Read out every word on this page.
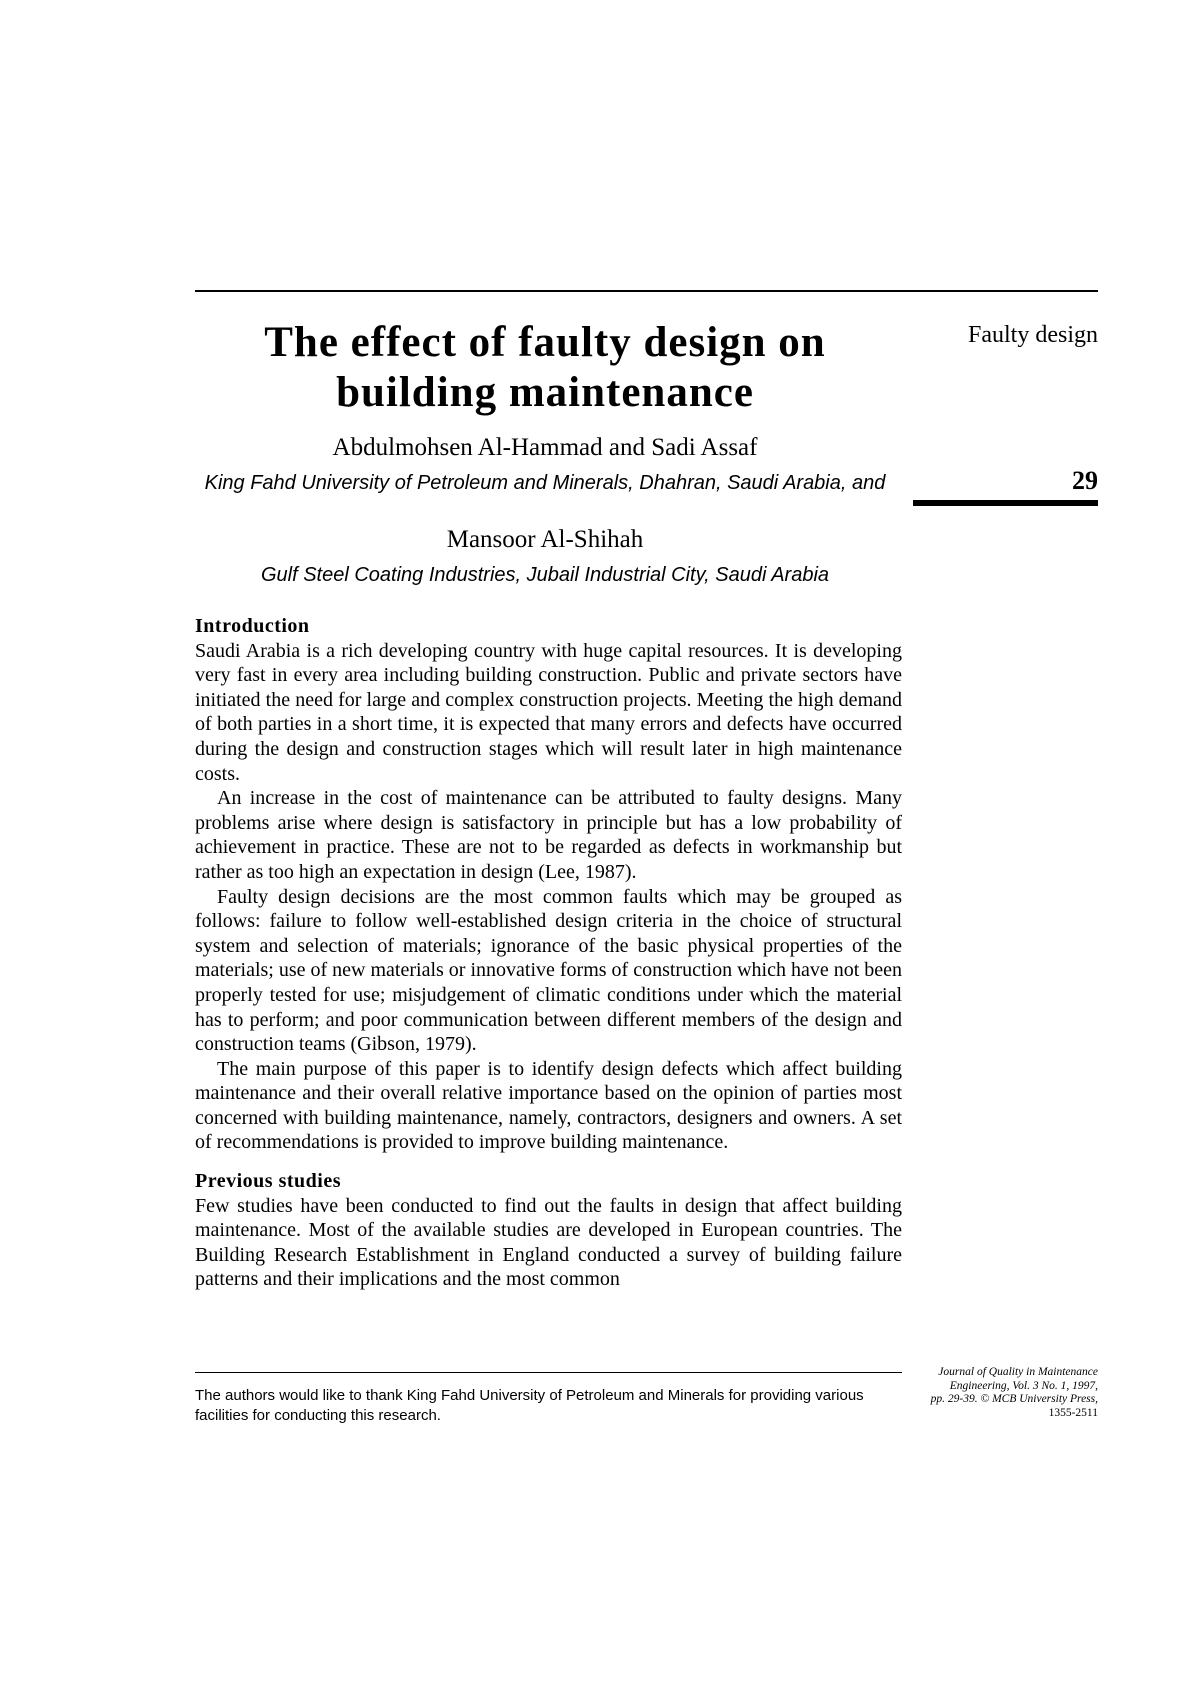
Faulty design
29
The effect of faulty design on building maintenance
Abdulmohsen Al-Hammad and Sadi Assaf
King Fahd University of Petroleum and Minerals, Dhahran, Saudi Arabia, and
Mansoor Al-Shihah
Gulf Steel Coating Industries, Jubail Industrial City, Saudi Arabia
Introduction

Saudi Arabia is a rich developing country with huge capital resources. It is developing very fast in every area including building construction. Public and private sectors have initiated the need for large and complex construction projects. Meeting the high demand of both parties in a short time, it is expected that many errors and defects have occurred during the design and construction stages which will result later in high maintenance costs.

An increase in the cost of maintenance can be attributed to faulty designs. Many problems arise where design is satisfactory in principle but has a low probability of achievement in practice. These are not to be regarded as defects in workmanship but rather as too high an expectation in design (Lee, 1987).

Faulty design decisions are the most common faults which may be grouped as follows: failure to follow well-established design criteria in the choice of structural system and selection of materials; ignorance of the basic physical properties of the materials; use of new materials or innovative forms of construction which have not been properly tested for use; misjudgement of climatic conditions under which the material has to perform; and poor communication between different members of the design and construction teams (Gibson, 1979).

The main purpose of this paper is to identify design defects which affect building maintenance and their overall relative importance based on the opinion of parties most concerned with building maintenance, namely, contractors, designers and owners. A set of recommendations is provided to improve building maintenance.

Previous studies

Few studies have been conducted to find out the faults in design that affect building maintenance. Most of the available studies are developed in European countries. The Building Research Establishment in England conducted a survey of building failure patterns and their implications and the most common

The authors would like to thank King Fahd University of Petroleum and Minerals for providing various facilities for conducting this research.
Journal of Quality in Maintenance
Engineering, Vol. 3 No. 1, 1997,
pp. 29-39. © MCB University Press,
1355-2511
